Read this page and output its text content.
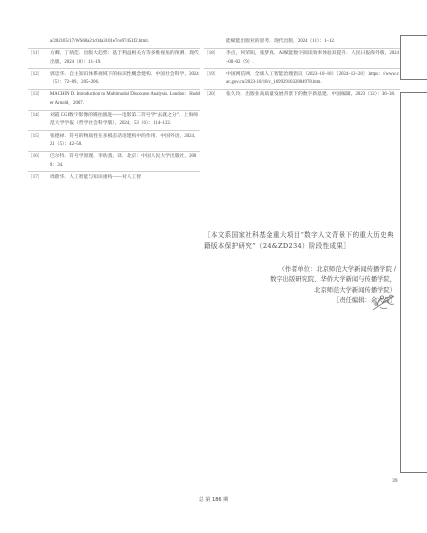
a/202105/17/WS60a21c04a3101e7ce97451f2.html.
［11］	方卿，丁靖佳．出版大趋势：基于利益相关方等多维视角的预测．现代出版，2024（8）：11–19.
［12］	郭忠华．自主知识体系视域下的标识性概念建构．中国社会科学，2024（5）：72–89，205–206.
［13］	MACHIN D. Introduction to Multimodal Discourse Analysis. London：Hodder Arnold，2007.
［14］	刘霞 CGI数字影像的媒拍演进——电影第二符号学“去就之分”．上海师范大学学报（哲学社会科学版），2024，53（6）：114–122.
［15］	张德禄．符号的物质性在多模态话语建构中的作用．中国外语，2024，21（5）：42–50.
［16］	巴尔特．符号学原理．李幼蒸，译．北京：中国人民大学出版社，2008：34.
［17］	周蔚华．人工智能与知识重构——对人工智
能赋能出版业的思考．现代出版，2024（11）：1–12.
［18］	李点，何荣阳，张梦真．AI赋能数字阅读效率体验双提升．人民日报海外版，2024–08–02（9）.
［19］	中国网信网．全球人工智能治理倡议（2023–10–18）［2024–12–28］.https：//www.cac.gov.cn/2023-10/18/c_1699291032884978.htm.
［20］	张久玲．出版业高质量发展背景下的数字新基建．中国编辑，2023（12）：36–38.
［本文系国家社科基金重大项目“数字人文背景下的重大历史典籍版本保护研究”（24&ZD234）阶段性成果］
（作者单位：北京师范大学新闻传播学院 /
数字出版研究院、华侨大学新闻与传播学院，
北京师范大学新闻传播学院）
［责任编辑：余大品］
39
总 第 186 期
